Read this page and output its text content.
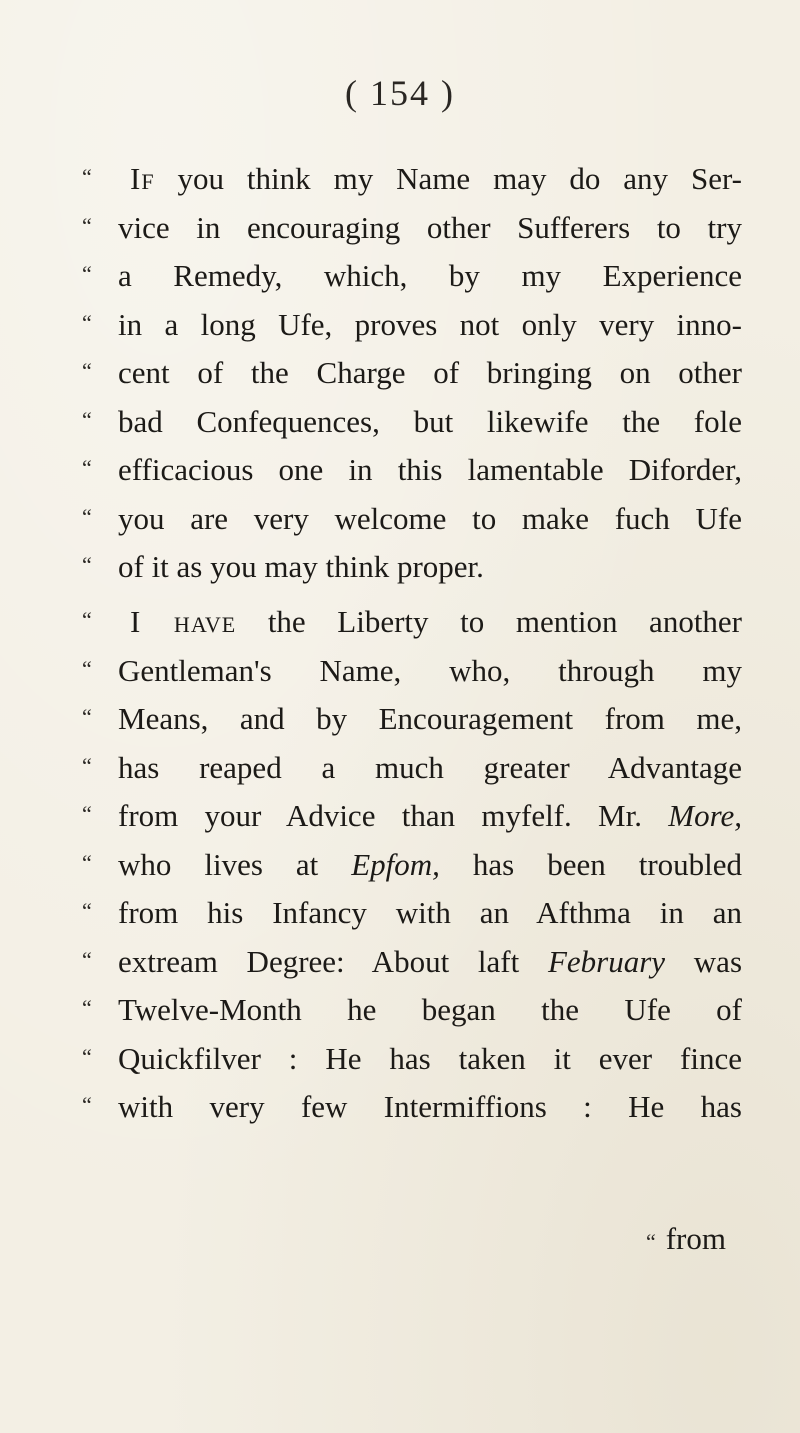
( 154 )
“	If you think my Name may do any Ser-
“ vice in encouraging other Sufferers to try
“ a Remedy, which, by my Experience
“ in a long Ufe, proves not only very inno-
“ cent of the Charge of bringing on other
“ bad Confequences, but likewife the fole
“ efficacious one in this lamentable Diforder,
“ you are very welcome to make fuch Ufe
“ of it as you may think proper.
“	I have the Liberty to mention another
“ Gentleman's Name, who, through my
“ Means, and by Encouragement from me,
“ has reaped a much greater Advantage
“ from your Advice than myfelf. Mr. More,
“ who lives at Epfom, has been troubled
“ from his Infancy with an Afthma in an
“ extream Degree: About laft February was
“ Twelve-Month he began the Ufe of
“ Quickfilver : He has taken it ever fince
“ with very few Intermiffions : He has
“ from
